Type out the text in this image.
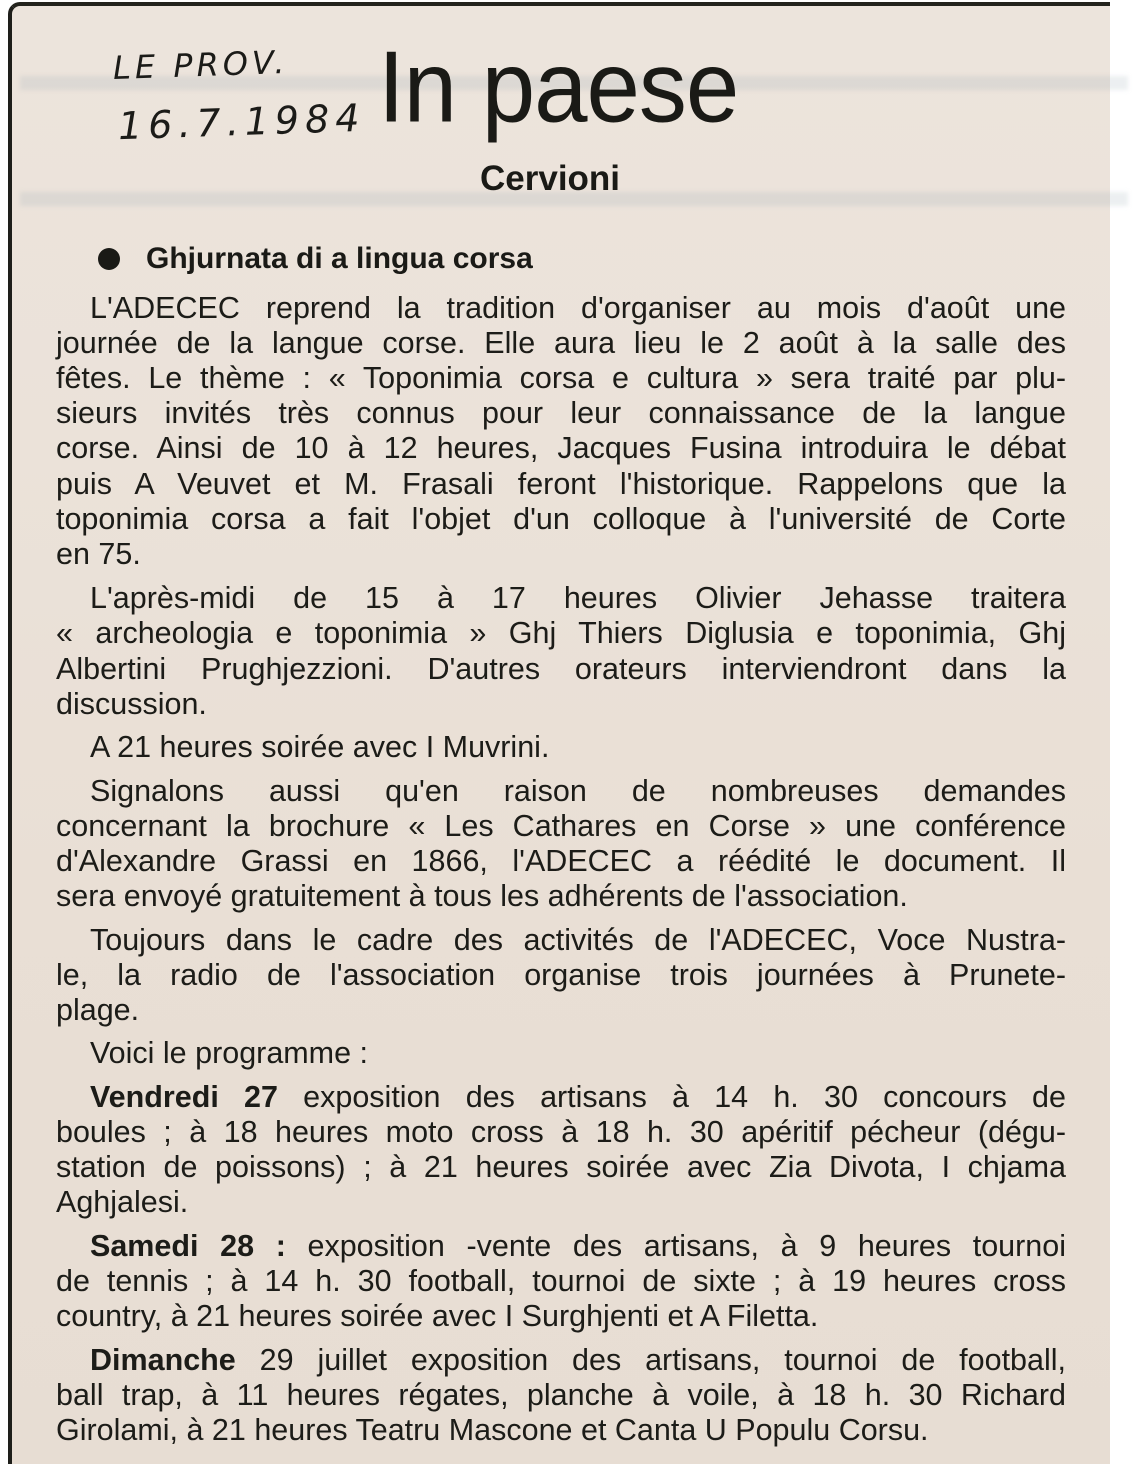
LE PROV.
16.7.1984 In paese
Cervioni
Ghjurnata di a lingua corsa
L'ADECEC reprend la tradition d'organiser au mois d'août une
journée de la langue corse. Elle aura lieu le 2 août à la salle des
fêtes. Le thème : « Toponimia corsa e cultura » sera traité par plu-
sieurs invités très connus pour leur connaissance de la langue
corse. Ainsi de 10 à 12 heures, Jacques Fusina introduira le débat
puis A Veuvet et M. Frasali feront l'historique. Rappelons que la
toponimia corsa a fait l'objet d'un colloque à l'université de Corte
en 75.
L'après-midi de 15 à 17 heures Olivier Jehasse traitera
« archeologia e toponimia » Ghj Thiers Diglusia e toponimia, Ghj
Albertini Prughjezzioni. D'autres orateurs interviendront dans la
discussion.
A 21 heures soirée avec I Muvrini.
Signalons aussi qu'en raison de nombreuses demandes
concernant la brochure « Les Cathares en Corse » une conférence
d'Alexandre Grassi en 1866, l'ADECEC a réédité le document. Il
sera envoyé gratuitement à tous les adhérents de l'association.
Toujours dans le cadre des activités de l'ADECEC, Voce Nustra-
le, la radio de l'association organise trois journées à Prunete-
plage.
Voici le programme :
Vendredi 27 exposition des artisans à 14 h. 30 concours de
boules ; à 18 heures moto cross à 18 h. 30 apéritif pécheur (dégu-
station de poissons) ; à 21 heures soirée avec Zia Divota, I chjama
Aghjalesi.
Samedi 28 : exposition -vente des artisans, à 9 heures tournoi
de tennis ; à 14 h. 30 football, tournoi de sixte ; à 19 heures cross
country, à 21 heures soirée avec I Surghjenti et A Filetta.
Dimanche 29 juillet exposition des artisans, tournoi de football,
ball trap, à 11 heures régates, planche à voile, à 18 h. 30 Richard
Girolami, à 21 heures Teatru Mascone et Canta U Populu Corsu.
